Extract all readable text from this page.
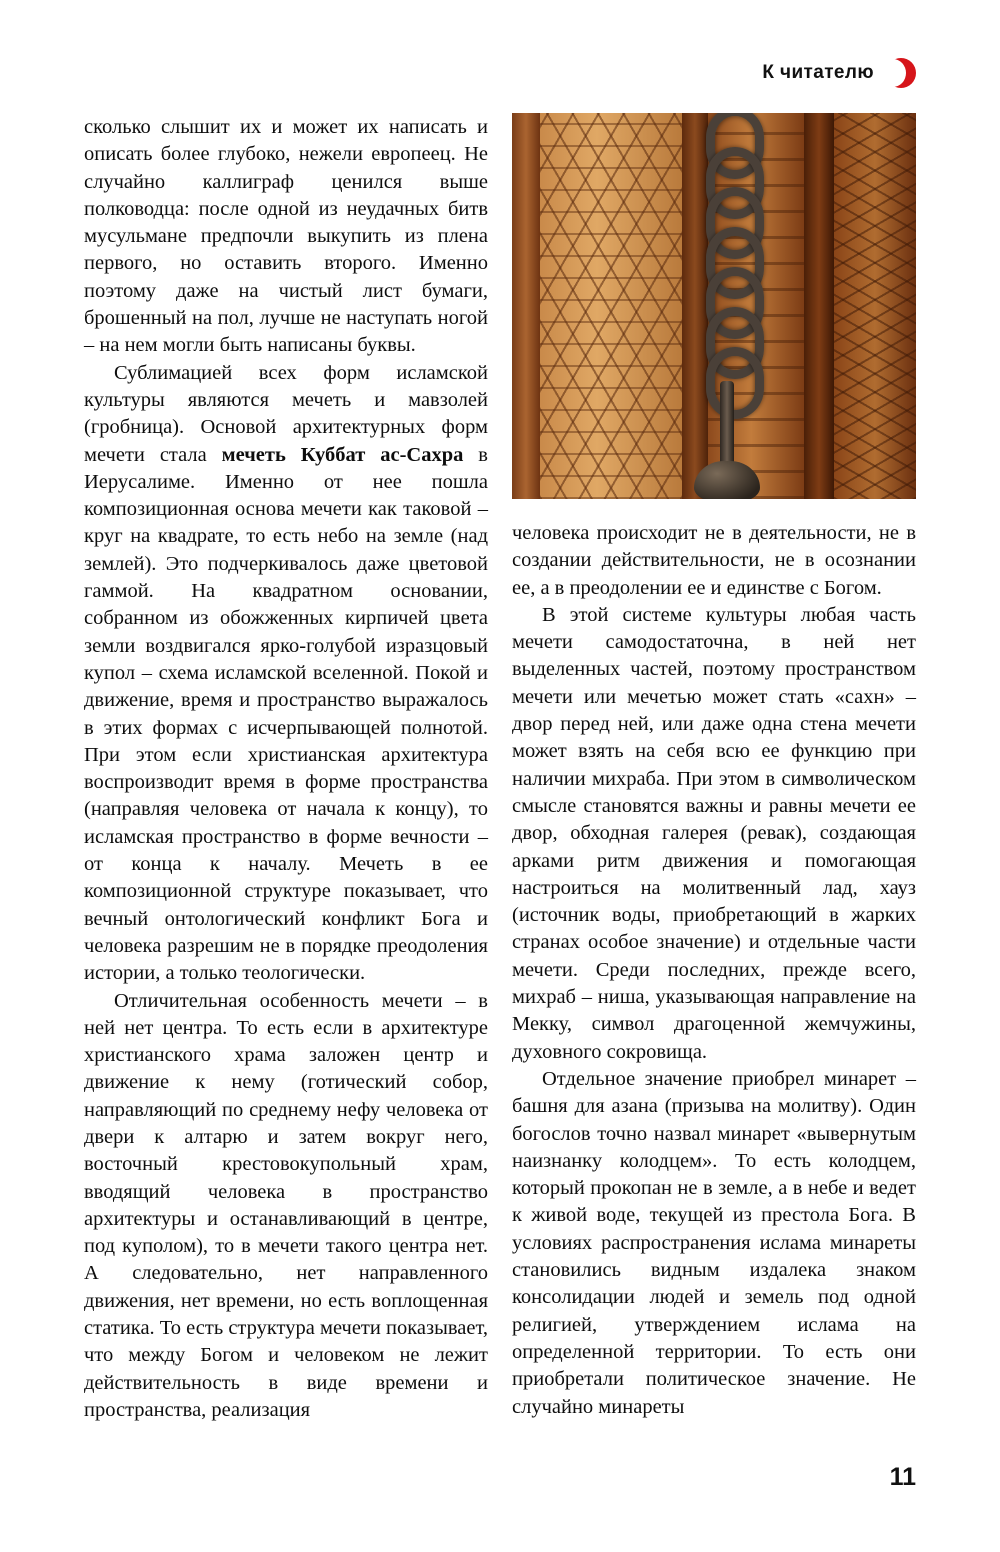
К читателю

сколько слышит их и может их написать и описать более глубоко, нежели европеец. Не случайно каллиграф ценился выше полководца: после одной из неудачных битв мусульмане предпочли выкупить из плена первого, но оставить второго. Именно поэтому даже на чистый лист бумаги, брошенный на пол, лучше не наступать ногой – на нем могли быть написаны буквы.

Сублимацией всех форм исламской культуры являются мечеть и мавзолей (гробница). Основой архитектурных форм мечети стала мечеть Куббат ас-Сахра в Иерусалиме. Именно от нее пошла композиционная основа мечети как таковой – круг на квадрате, то есть небо на земле (над землей). Это подчеркивалось даже цветовой гаммой. На квадратном основании, собранном из обожженных кирпичей цвета земли воздвигался ярко-голубой изразцовый купол – схема исламской вселенной. Покой и движение, время и пространство выражалось в этих формах с исчерпывающей полнотой. При этом если христианская архитектура воспроизводит время в форме пространства (направляя человека от начала к концу), то исламская пространство в форме вечности – от конца к началу. Мечеть в ее композиционной структуре показывает, что вечный онтологический конфликт Бога и человека разрешим не в порядке преодоления истории, а только теологически.

Отличительная особенность мечети – в ней нет центра. То есть если в архитектуре христианского храма заложен центр и движение к нему (готический собор, направляющий по среднему нефу человека от двери к алтарю и затем вокруг него, восточный крестовокупольный храм, вводящий человека в пространство архитектуры и останавливающий в центре, под куполом), то в мечети такого центра нет. А следовательно, нет направленного движения, нет времени, но есть воплощенная статика. То есть структура мечети показывает, что между Богом и человеком не лежит действительность в виде времени и пространства, реализация

человека происходит не в деятельности, не в создании действительности, не в осознании ее, а в преодолении ее и единстве с Богом.

В этой системе культуры любая часть мечети самодостаточна, в ней нет выделенных частей, поэтому пространством мечети или мечетью может стать «сахн» – двор перед ней, или даже одна стена мечети может взять на себя всю ее функцию при наличии михраба. При этом в символическом смысле становятся важны и равны мечети ее двор, обходная галерея (ревак), создающая арками ритм движения и помогающая настроиться на молитвенный лад, хауз (источник воды, приобретающий в жарких странах особое значение) и отдельные части мечети. Среди последних, прежде всего, михраб – ниша, указывающая направление на Мекку, символ драгоценной жемчужины, духовного сокровища.

Отдельное значение приобрел минарет – башня для азана (призыва на молитву). Один богослов точно назвал минарет «вывернутым наизнанку колодцем». То есть колодцем, который прокопан не в земле, а в небе и ведет к живой воде, текущей из престола Бога. В условиях распространения ислама минареты становились видным издалека знаком консолидации людей и земель под одной религией, утверждением ислама на определенной территории. То есть они приобретали политическое значение. Не случайно минареты

11
